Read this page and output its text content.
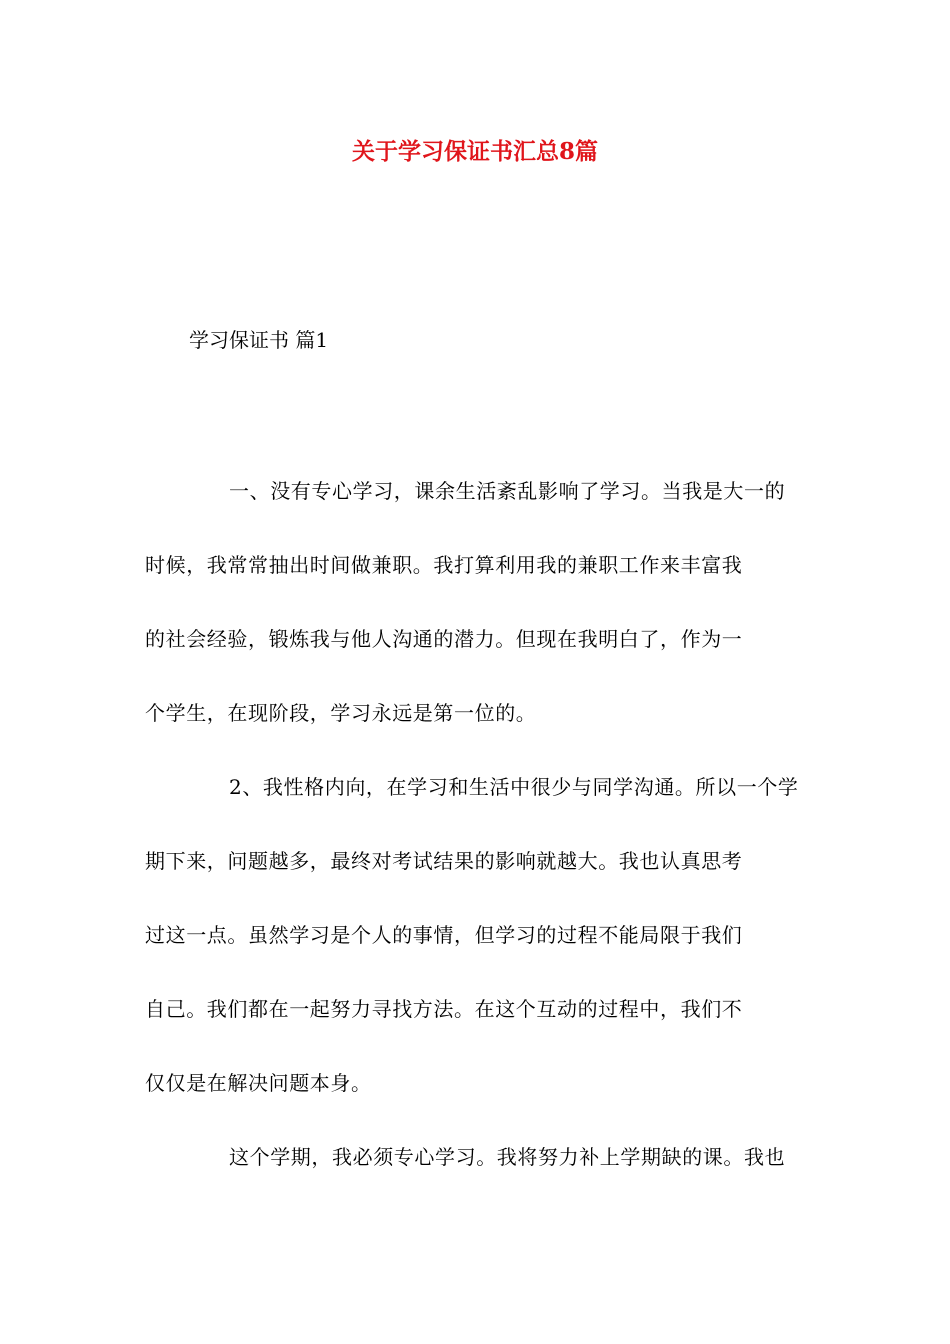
关于学习保证书汇总8篇
学习保证书 篇1
一、没有专心学习，课余生活紊乱影响了学习。当我是大一的
时候，我常常抽出时间做兼职。我打算利用我的兼职工作来丰富我
的社会经验，锻炼我与他人沟通的潜力。但现在我明白了，作为一
个学生，在现阶段，学习永远是第一位的。
2、我性格内向，在学习和生活中很少与同学沟通。所以一个学
期下来，问题越多，最终对考试结果的影响就越大。我也认真思考
过这一点。虽然学习是个人的事情，但学习的过程不能局限于我们
自己。我们都在一起努力寻找方法。在这个互动的过程中，我们不
仅仅是在解决问题本身。
这个学期，我必须专心学习。我将努力补上学期缺的课。我也
